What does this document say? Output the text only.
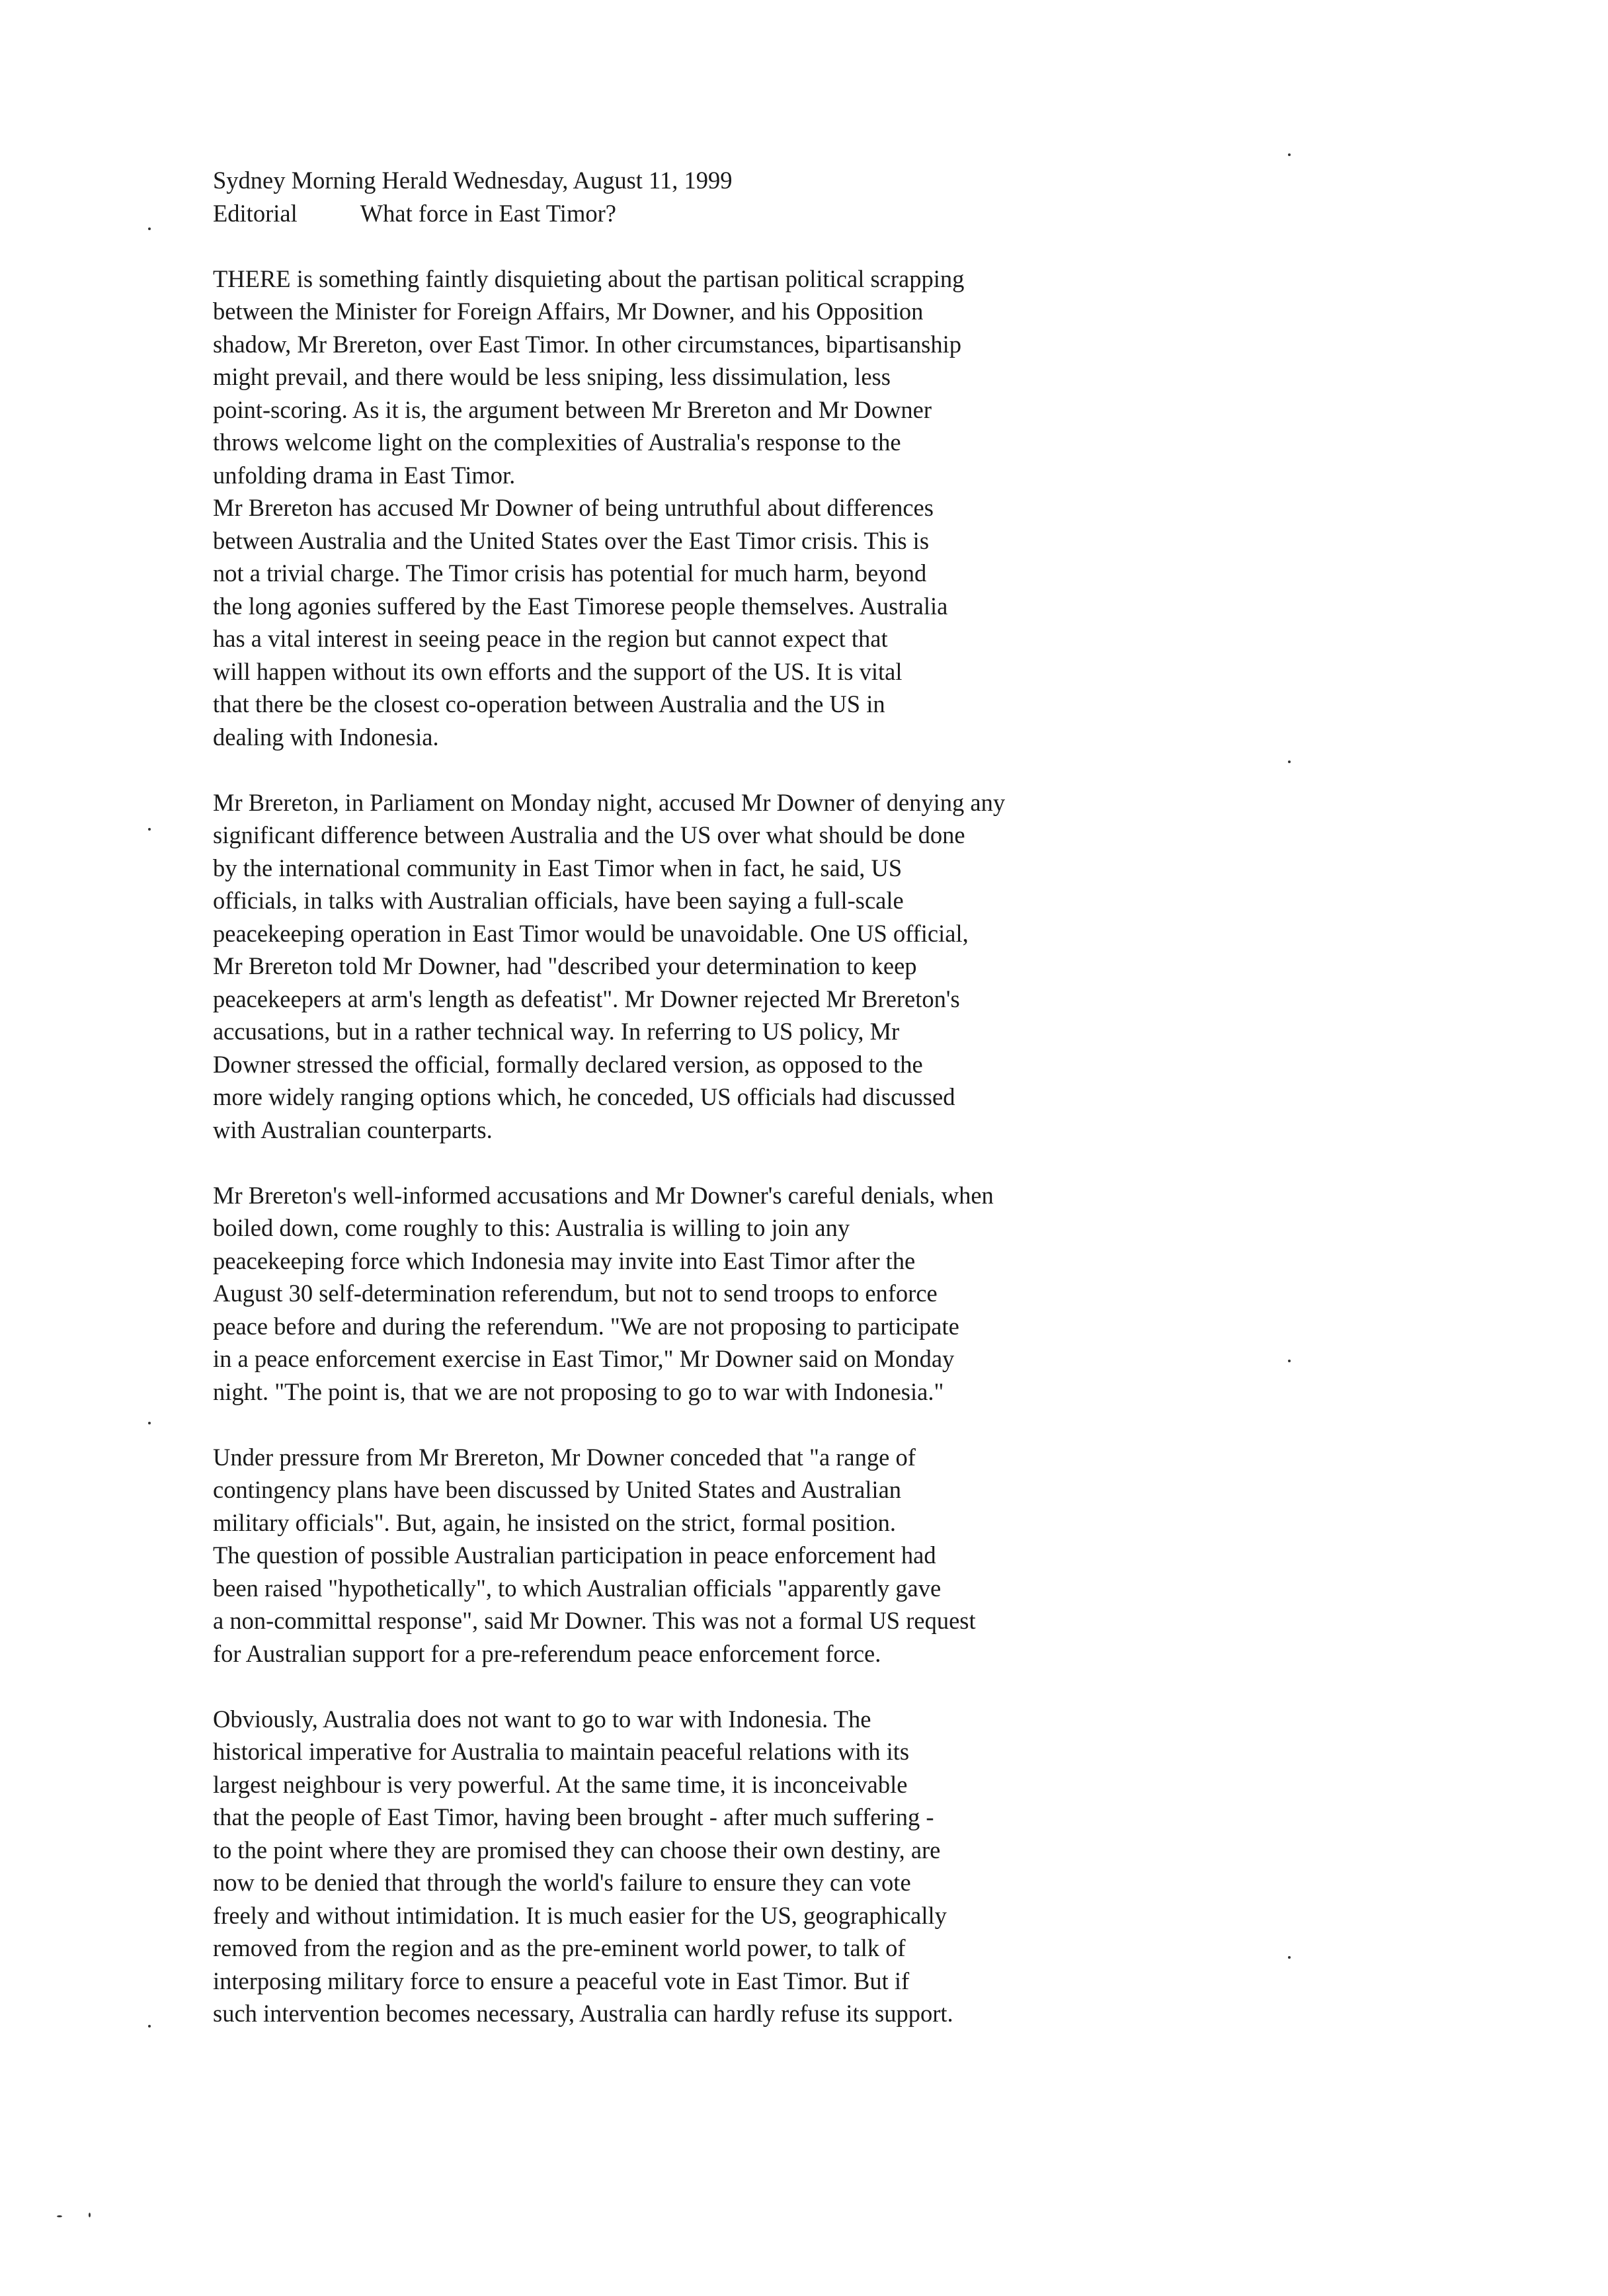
Sydney Morning Herald Wednesday, August 11, 1999
Editorial	What force in East Timor?
THERE is something faintly disquieting about the partisan political scrapping
between the Minister for Foreign Affairs, Mr Downer, and his Opposition
shadow, Mr Brereton, over East Timor. In other circumstances, bipartisanship
might prevail, and there would be less sniping, less dissimulation, less
point-scoring. As it is, the argument between Mr Brereton and Mr Downer
throws welcome light on the complexities of Australia's response to the
unfolding drama in East Timor.
Mr Brereton has accused Mr Downer of being untruthful about differences
between Australia and the United States over the East Timor crisis. This is
not a trivial charge. The Timor crisis has potential for much harm, beyond
the long agonies suffered by the East Timorese people themselves. Australia
has a vital interest in seeing peace in the region but cannot expect that
will happen without its own efforts and the support of the US. It is vital
that there be the closest co-operation between Australia and the US in
dealing with Indonesia.
Mr Brereton, in Parliament on Monday night, accused Mr Downer of denying any
significant difference between Australia and the US over what should be done
by the international community in East Timor when in fact, he said, US
officials, in talks with Australian officials, have been saying a full-scale
peacekeeping operation in East Timor would be unavoidable. One US official,
Mr Brereton told Mr Downer, had "described your determination to keep
peacekeepers at arm's length as defeatist". Mr Downer rejected Mr Brereton's
accusations, but in a rather technical way. In referring to US policy, Mr
Downer stressed the official, formally declared version, as opposed to the
more widely ranging options which, he conceded, US officials had discussed
with Australian counterparts.
Mr Brereton's well-informed accusations and Mr Downer's careful denials, when
boiled down, come roughly to this: Australia is willing to join any
peacekeeping force which Indonesia may invite into East Timor after the
August 30 self-determination referendum, but not to send troops to enforce
peace before and during the referendum. "We are not proposing to participate
in a peace enforcement exercise in East Timor," Mr Downer said on Monday
night. "The point is, that we are not proposing to go to war with Indonesia."
Under pressure from Mr Brereton, Mr Downer conceded that "a range of
contingency plans have been discussed by United States and Australian
military officials". But, again, he insisted on the strict, formal position.
The question of possible Australian participation in peace enforcement had
been raised "hypothetically", to which Australian officials "apparently gave
a non-committal response", said Mr Downer. This was not a formal US request
for Australian support for a pre-referendum peace enforcement force.
Obviously, Australia does not want to go to war with Indonesia. The
historical imperative for Australia to maintain peaceful relations with its
largest neighbour is very powerful. At the same time, it is inconceivable
that the people of East Timor, having been brought - after much suffering -
to the point where they are promised they can choose their own destiny, are
now to be denied that through the world's failure to ensure they can vote
freely and without intimidation. It is much easier for the US, geographically
removed from the region and as the pre-eminent world power, to talk of
interposing military force to ensure a peaceful vote in East Timor. But if
such intervention becomes necessary, Australia can hardly refuse its support.
